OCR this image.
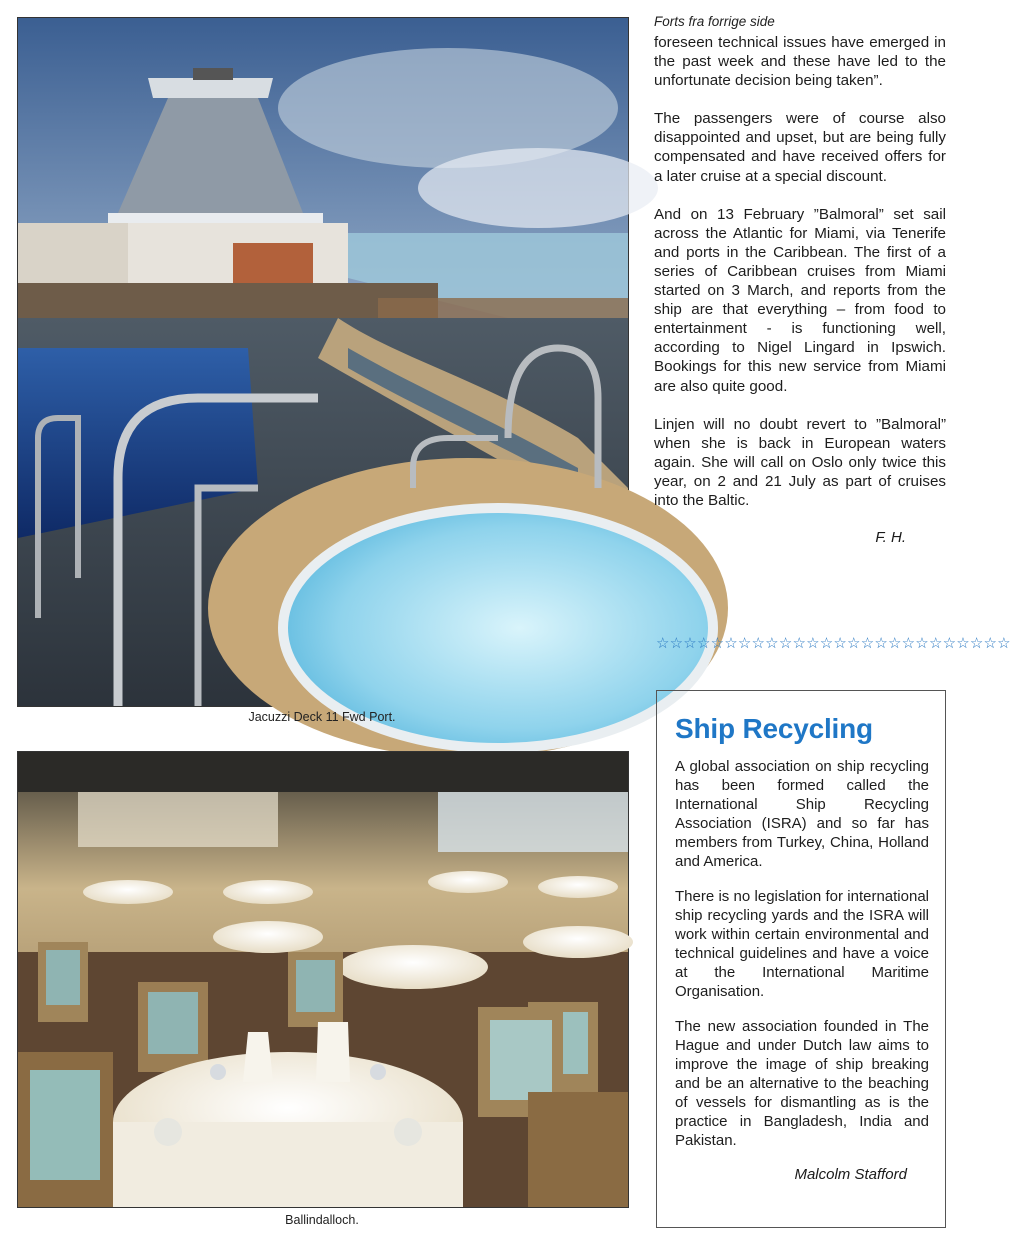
Jacuzzi Deck 11 Fwd Port.
Ballindalloch.

Forts fra forrige side

foreseen technical issues have emerged in the past week and these have led to the unfortunate decision being taken”.

The passengers were of course also disappointed and upset, but are being fully compensated and have received offers for a later cruise at a special discount.

And on 13 February ”Balmoral” set sail across the Atlantic for Miami, via Tenerife and ports in the Caribbean. The first of a series of Caribbean cruises from Miami started on 3 March, and reports from the ship are that everything – from food to entertainment - is functioning well, according to Nigel Lingard in Ipswich. Bookings for this new service from Miami are also quite good.

Linjen will no doubt revert to ”Balmoral” when she is back in European waters again. She will call on Oslo only twice this year, on 2 and 21 July as part of cruises into the Baltic.

F. H.

☆☆☆☆☆☆☆☆☆☆☆☆☆☆☆☆☆☆☆☆☆☆☆☆☆☆
Ship Recycling

A global association on ship recycling has been formed called the International Ship Recycling Association (ISRA) and so far has members from Turkey, China, Holland and America.

There is no legislation for international ship recycling yards and the ISRA will work within certain environmental and technical guidelines and have a voice at the International Maritime Organisation.

The new association founded in The Hague and under Dutch law aims to improve the image of ship breaking and be an alternative to the beaching of vessels for dismantling as is the practice in Bangladesh, India and Pakistan.

Malcolm Stafford
